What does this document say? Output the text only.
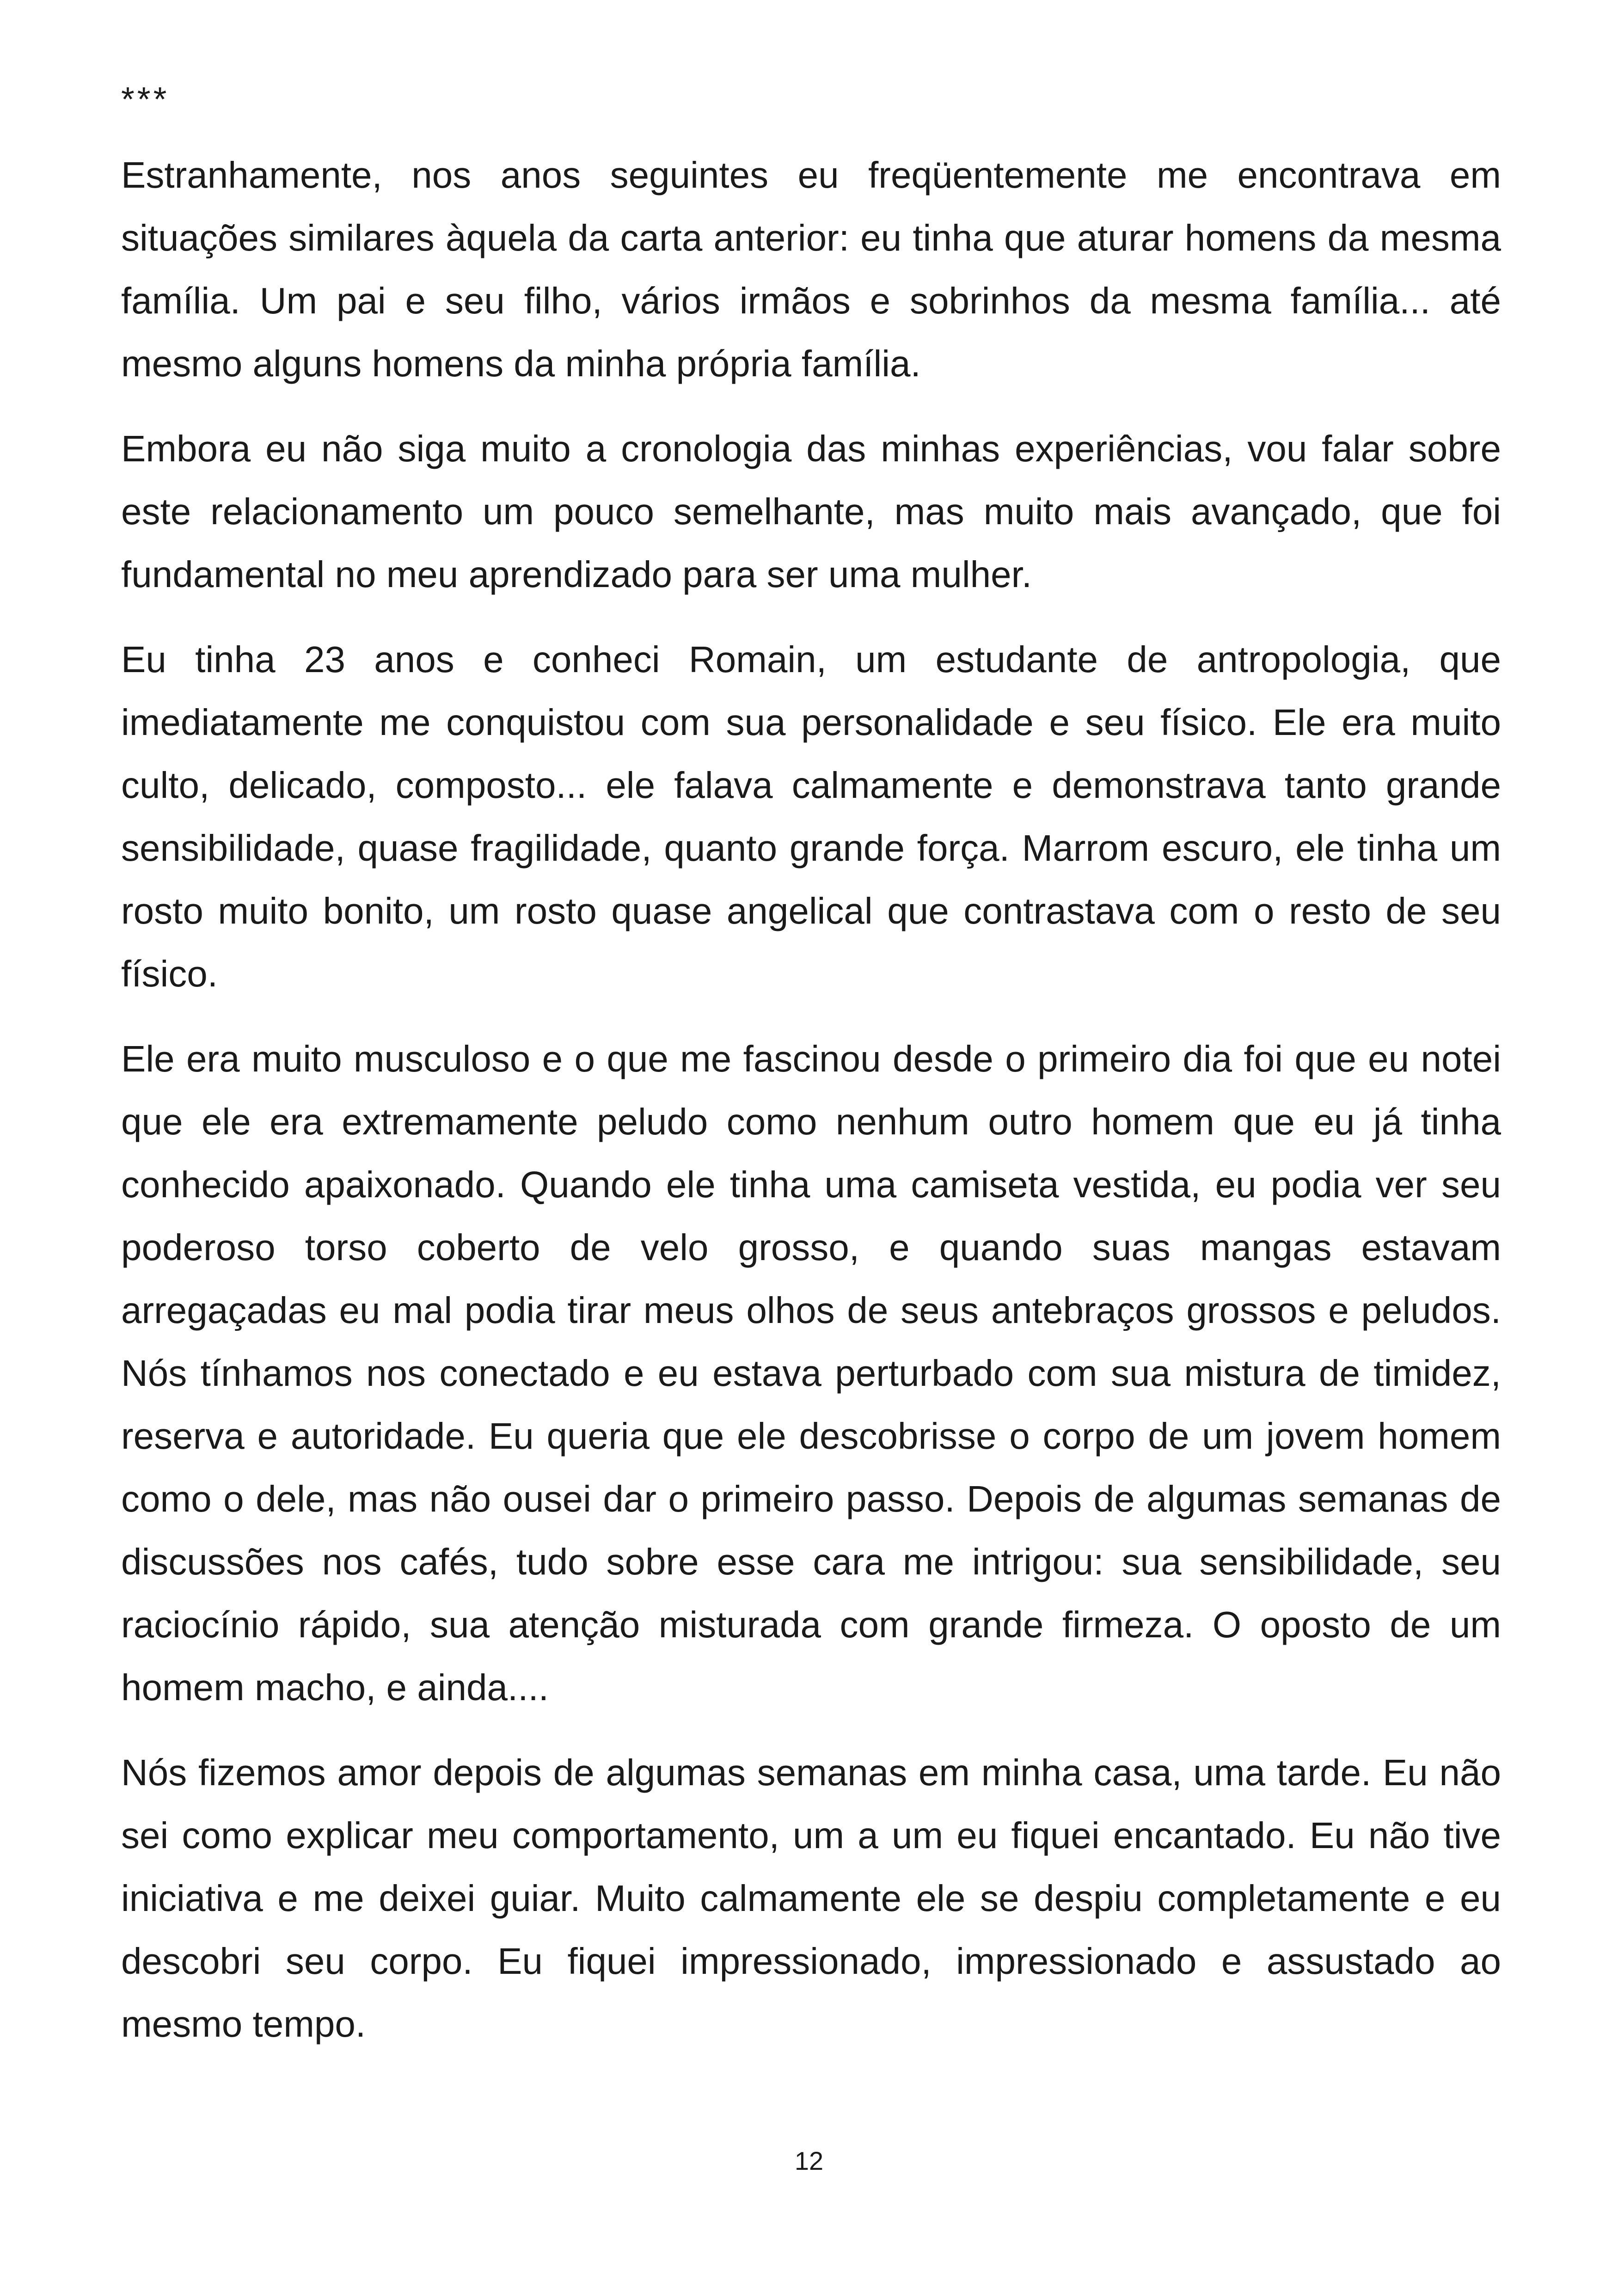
***

Estranhamente, nos anos seguintes eu freqüentemente me encontrava em situações similares àquela da carta anterior: eu tinha que aturar homens da mesma família. Um pai e seu filho, vários irmãos e sobrinhos da mesma família... até mesmo alguns homens da minha própria família.

Embora eu não siga muito a cronologia das minhas experiências, vou falar sobre este relacionamento um pouco semelhante, mas muito mais avançado, que foi fundamental no meu aprendizado para ser uma mulher.

Eu tinha 23 anos e conheci Romain, um estudante de antropologia, que imediatamente me conquistou com sua personalidade e seu físico. Ele era muito culto, delicado, composto... ele falava calmamente e demonstrava tanto grande sensibilidade, quase fragilidade, quanto grande força. Marrom escuro, ele tinha um rosto muito bonito, um rosto quase angelical que contrastava com o resto de seu físico.

Ele era muito musculoso e o que me fascinou desde o primeiro dia foi que eu notei que ele era extremamente peludo como nenhum outro homem que eu já tinha conhecido apaixonado. Quando ele tinha uma camiseta vestida, eu podia ver seu poderoso torso coberto de velo grosso, e quando suas mangas estavam arregaçadas eu mal podia tirar meus olhos de seus antebraços grossos e peludos. Nós tínhamos nos conectado e eu estava perturbado com sua mistura de timidez, reserva e autoridade. Eu queria que ele descobrisse o corpo de um jovem homem como o dele, mas não ousei dar o primeiro passo. Depois de algumas semanas de discussões nos cafés, tudo sobre esse cara me intrigou: sua sensibilidade, seu raciocínio rápido, sua atenção misturada com grande firmeza. O oposto de um homem macho, e ainda....

Nós fizemos amor depois de algumas semanas em minha casa, uma tarde. Eu não sei como explicar meu comportamento, um a um eu fiquei encantado. Eu não tive iniciativa e me deixei guiar. Muito calmamente ele se despiu completamente e eu descobri seu corpo. Eu fiquei impressionado, impressionado e assustado ao mesmo tempo.

12
